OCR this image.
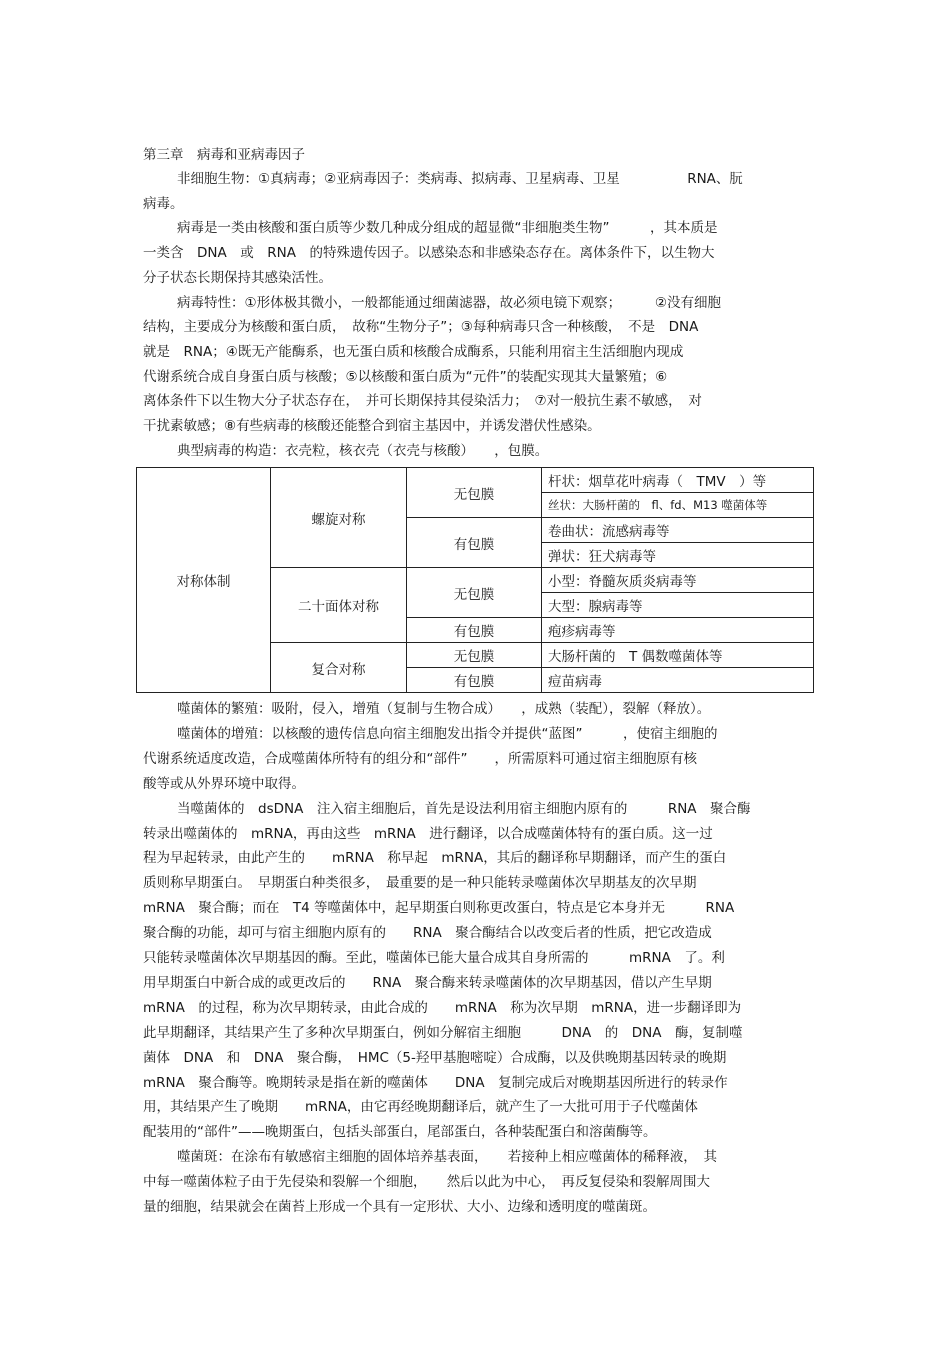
第三章　病毒和亚病毒因子
非细胞生物：①真病毒；②亚病毒因子：类病毒、拟病毒、卫星病毒、卫星　　　　　RNA、朊
病毒。
病毒是一类由核酸和蛋白质等少数几种成分组成的超显微“非细胞类生物”　　　，其本质是
一类含　DNA　或　RNA　的特殊遗传因子。以感染态和非感染态存在。离体条件下，以生物大
分子状态长期保持其感染活性。
病毒特性：①形体极其微小，一般都能通过细菌滤器，故必须电镜下观察；　　　②没有细胞
结构，主要成分为核酸和蛋白质，　故称“生物分子”；③每种病毒只含一种核酸，　不是　DNA
就是　RNA；④既无产能酶系，也无蛋白质和核酸合成酶系，只能利用宿主生活细胞内现成
代谢系统合成自身蛋白质与核酸；⑤以核酸和蛋白质为“元件”的装配实现其大量繁殖；⑥
离体条件下以生物大分子状态存在，　并可长期保持其侵染活力；　⑦对一般抗生素不敏感，　对
干扰素敏感；⑧有些病毒的核酸还能整合到宿主基因中，并诱发潜伏性感染。
典型病毒的构造：衣壳粒，核衣壳（衣壳与核酸）　　，包膜。
对称体制	螺旋对称	无包膜	杆状：烟草花叶病毒（　TMV　）等
			丝状：大肠杆菌的　fl、fd、M13 噬菌体等
		有包膜	卷曲状：流感病毒等
			弹状：狂犬病毒等
	二十面体对称	无包膜	小型：脊髓灰质炎病毒等
			大型：腺病毒等
		有包膜	疱疹病毒等
	复合对称	无包膜	大肠杆菌的　T 偶数噬菌体等
		有包膜	痘苗病毒
噬菌体的繁殖：吸附，侵入，增殖（复制与生物合成）　　，成熟（装配），裂解（释放）。
噬菌体的增殖：以核酸的遗传信息向宿主细胞发出指令并提供“蓝图”　　　，使宿主细胞的
代谢系统适度改造，合成噬菌体所特有的组分和“部件”　　，所需原料可通过宿主细胞原有核
酸等或从外界环境中取得。
当噬菌体的　dsDNA　注入宿主细胞后，首先是设法利用宿主细胞内原有的　　　RNA　聚合酶
转录出噬菌体的　mRNA，再由这些　mRNA　进行翻译，以合成噬菌体特有的蛋白质。这一过
程为早起转录，由此产生的　　mRNA　称早起　mRNA，其后的翻译称早期翻译，而产生的蛋白
质则称早期蛋白。　早期蛋白种类很多，　最重要的是一种只能转录噬菌体次早期基友的次早期
mRNA　聚合酶；而在　T4 等噬菌体中，起早期蛋白则称更改蛋白，特点是它本身并无　　　RNA
聚合酶的功能，却可与宿主细胞内原有的　　RNA　聚合酶结合以改变后者的性质，把它改造成
只能转录噬菌体次早期基因的酶。至此，噬菌体已能大量合成其自身所需的　　　mRNA　了。利
用早期蛋白中新合成的或更改后的　　RNA　聚合酶来转录噬菌体的次早期基因，借以产生早期
mRNA　的过程，称为次早期转录，由此合成的　　mRNA　称为次早期　mRNA，进一步翻译即为
此早期翻译，其结果产生了多种次早期蛋白，例如分解宿主细胞　　　DNA　的　DNA　酶，复制噬
菌体　DNA　和　DNA　聚合酶，　HMC（5-羟甲基胞嘧啶）合成酶，以及供晚期基因转录的晚期
mRNA　聚合酶等。晚期转录是指在新的噬菌体　　DNA　复制完成后对晚期基因所进行的转录作
用，其结果产生了晚期　　mRNA，由它再经晚期翻译后，就产生了一大批可用于子代噬菌体
配装用的“部件”——晚期蛋白，包括头部蛋白，尾部蛋白，各种装配蛋白和溶菌酶等。
噬菌斑：在涂布有敏感宿主细胞的固体培养基表面，　　若接种上相应噬菌体的稀释液，　其
中每一噬菌体粒子由于先侵染和裂解一个细胞，　　然后以此为中心，　再反复侵染和裂解周围大
量的细胞，结果就会在菌苔上形成一个具有一定形状、大小、边缘和透明度的噬菌斑。
